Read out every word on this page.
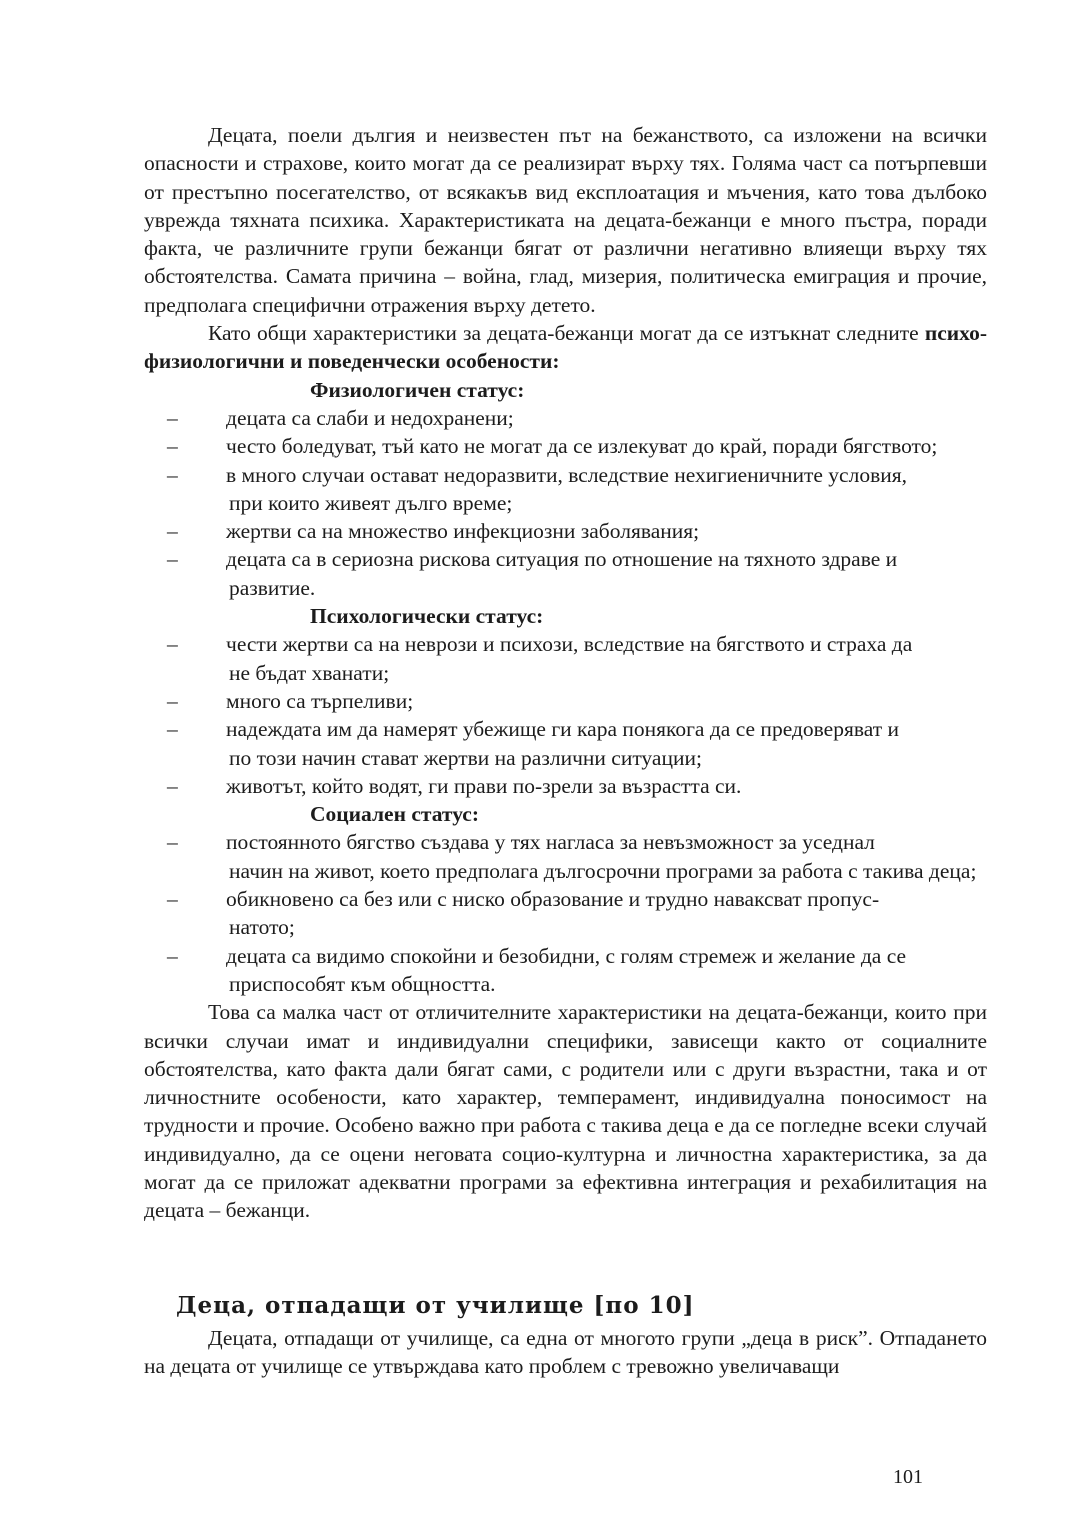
Децата, поели дългия и неизвестен път на бежанството, са изложени на всички опасности и страхове, които могат да се реализират върху тях. Голяма част са потърпевши от престъпно посегателство, от всякакъв вид експлоатация и мъчения, като това дълбоко уврежда тяхната психика. Характеристиката на децата-бежанци е много пъстра, поради факта, че различните групи бежанци бягат от различни негативно влияещи върху тях обстоятелства. Самата причина – война, глад, мизерия, политическа емиграция и прочие, предполага специфични отражения върху детето.

Като общи характеристики за децата-бежанци могат да се изтъкнат следните психо-физиологични и поведенчески особености:

Физиологичен статус:

– децата са слаби и недохранени;

– често боледуват, тъй като не могат да се излекуват до край, поради бягството;

– в много случаи остават недоразвити, вследствие нехигиеничните условия,
при които живеят дълго време;

– жертви са на множество инфекциозни заболявания;

– децата са в сериозна рискова ситуация по отношение на тяхното здраве и
развитие.

Психологически статус:

– чести жертви са на неврози и психози, вследствие на бягството и страха да
не бъдат хванати;

– много са търпеливи;

– надеждата им да намерят убежище ги кара понякога да се предоверяват и
по този начин стават жертви на различни ситуации;

– животът, който водят, ги прави по-зрели за възрастта си.

Социален статус:

– постоянното бягство създава у тях нагласа за невъзможност за уседнал
начин на живот, което предполага дългосрочни програми за работа с такива деца;

– обикновено са без или с ниско образование и трудно наваксват пропус-
натото;

– децата са видимо спокойни и безобидни, с голям стремеж и желание да се
приспособят към общността.

Това са малка част от отличителните характеристики на децата-бежанци, които при всички случаи имат и индивидуални специфики, зависещи както от социалните обстоятелства, като факта дали бягат сами, с родители или с други възрастни, така и от личностните особености, като характер, темперамент, индивидуална поносимост на трудности и прочие. Особено важно при работа с такива деца е да се погледне всеки случай индивидуално, да се оцени неговата социо-културна и личностна характеристика, за да могат да се приложат адекватни програми за ефективна интеграция и рехабилитация на децата – бежанци.

Деца, отпадащи от училище [по 10]

Децата, отпадащи от училище, са една от многото групи „деца в риск”. Отпадането на децата от училище се утвърждава като проблем с тревожно увеличаващи

101
